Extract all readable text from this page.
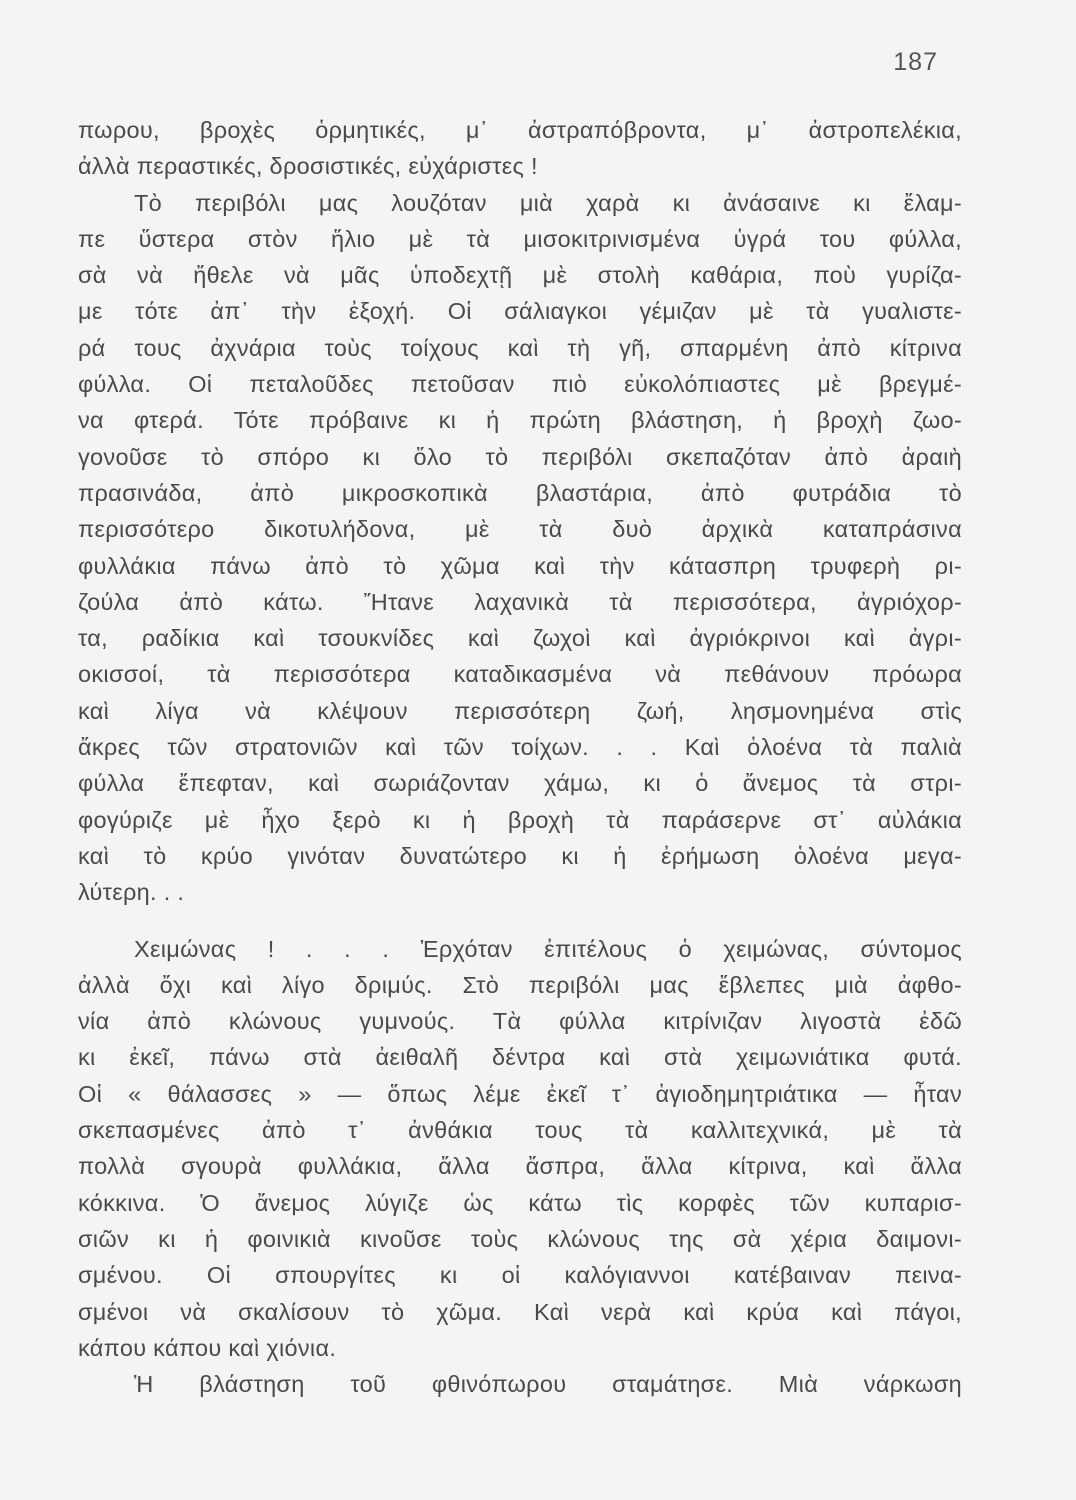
187
πωρου, βροχὲς ὁρμητικές, μ᾿ ἀστραπόβροντα, μ᾿ ἀστροπελέκια,
ἀλλὰ περαστικές, δροσιστικές, εὐχάριστες !
Τὸ περιβόλι μας λουζόταν μιὰ χαρὰ κι ἀνάσαινε κι ἔλαμ-
πε ὕστερα στὸν ἥλιο μὲ τὰ μισοκιτρινισμένα ὑγρά του φύλλα,
σὰ νὰ ἤθελε νὰ μᾶς ὑποδεχτῇ μὲ στολὴ καθάρια, ποὺ γυρίζα-
με τότε ἀπ᾿ τὴν ἐξοχή. Οἱ σάλιαγκοι γέμιζαν μὲ τὰ γυαλιστε-
ρά τους ἀχνάρια τοὺς τοίχους καὶ τὴ γῆ, σπαρμένη ἀπὸ κίτρινα
φύλλα. Οἱ πεταλοῦδες πετοῦσαν πιὸ εὐκολόπιαστες μὲ βρεγμέ-
να φτερά. Τότε πρόβαινε κι ἡ πρώτη βλάστηση, ἡ βροχὴ ζωο-
γονοῦσε τὸ σπόρο κι ὅλο τὸ περιβόλι σκεπαζόταν ἀπὸ ἀραιὴ
πρασινάδα, ἀπὸ μικροσκοπικὰ βλαστάρια, ἀπὸ φυτράδια τὸ
περισσότερο δικοτυλήδονα, μὲ τὰ δυὸ ἀρχικὰ καταπράσινα
φυλλάκια πάνω ἀπὸ τὸ χῶμα καὶ τὴν κάτασπρη τρυφερὴ ρι-
ζούλα ἀπὸ κάτω. Ἤτανε λαχανικὰ τὰ περισσότερα, ἀγριόχορ-
τα, ραδίκια καὶ τσουκνίδες καὶ ζωχοὶ καὶ ἀγριόκρινοι καὶ ἀγρι-
οκισσοί, τὰ περισσότερα καταδικασμένα νὰ πεθάνουν πρόωρα
καὶ λίγα νὰ κλέψουν περισσότερη ζωή, λησμονημένα στὶς
ἄκρες τῶν στρατονιῶν καὶ τῶν τοίχων. . . Καὶ ὁλοένα τὰ παλιὰ
φύλλα ἔπεφταν, καὶ σωριάζονταν χάμω, κι ὁ ἄνεμος τὰ στρι-
φογύριζε μὲ ἦχο ξερὸ κι ἡ βροχὴ τὰ παράσερνε στ᾿ αὐλάκια
καὶ τὸ κρύο γινόταν δυνατώτερο κι ἡ ἐρήμωση ὁλοένα μεγα-
λύτερη. . .
Χειμώνας ! . . . Ἐρχόταν ἐπιτέλους ὁ χειμώνας, σύντομος
ἀλλὰ ὄχι καὶ λίγο δριμύς. Στὸ περιβόλι μας ἔβλεπες μιὰ ἀφθο-
νία ἀπὸ κλώνους γυμνούς. Τὰ φύλλα κιτρίνιζαν λιγοστὰ ἐδῶ
κι ἐκεῖ, πάνω στὰ ἀειθαλῆ δέντρα καὶ στὰ χειμωνιάτικα φυτά.
Οἱ « θάλασσες » — ὅπως λέμε ἐκεῖ τ᾿ ἁγιοδημητριάτικα — ἦταν
σκεπασμένες ἀπὸ τ᾿ ἀνθάκια τους τὰ καλλιτεχνικά, μὲ τὰ
πολλὰ σγουρὰ φυλλάκια, ἄλλα ἄσπρα, ἄλλα κίτρινα, καὶ ἄλλα
κόκκινα. Ὁ ἄνεμος λύγιζε ὡς κάτω τὶς κορφὲς τῶν κυπαρισ-
σιῶν κι ἡ φοινικιὰ κινοῦσε τοὺς κλώνους της σὰ χέρια δαιμονι-
σμένου. Οἱ σπουργίτες κι οἱ καλόγιαννοι κατέβαιναν πεινα-
σμένοι νὰ σκαλίσουν τὸ χῶμα. Καὶ νερὰ καὶ κρύα καὶ πάγοι,
κάπου κάπου καὶ χιόνια.
Ἡ βλάστηση τοῦ φθινόπωρου σταμάτησε. Μιὰ νάρκωση
